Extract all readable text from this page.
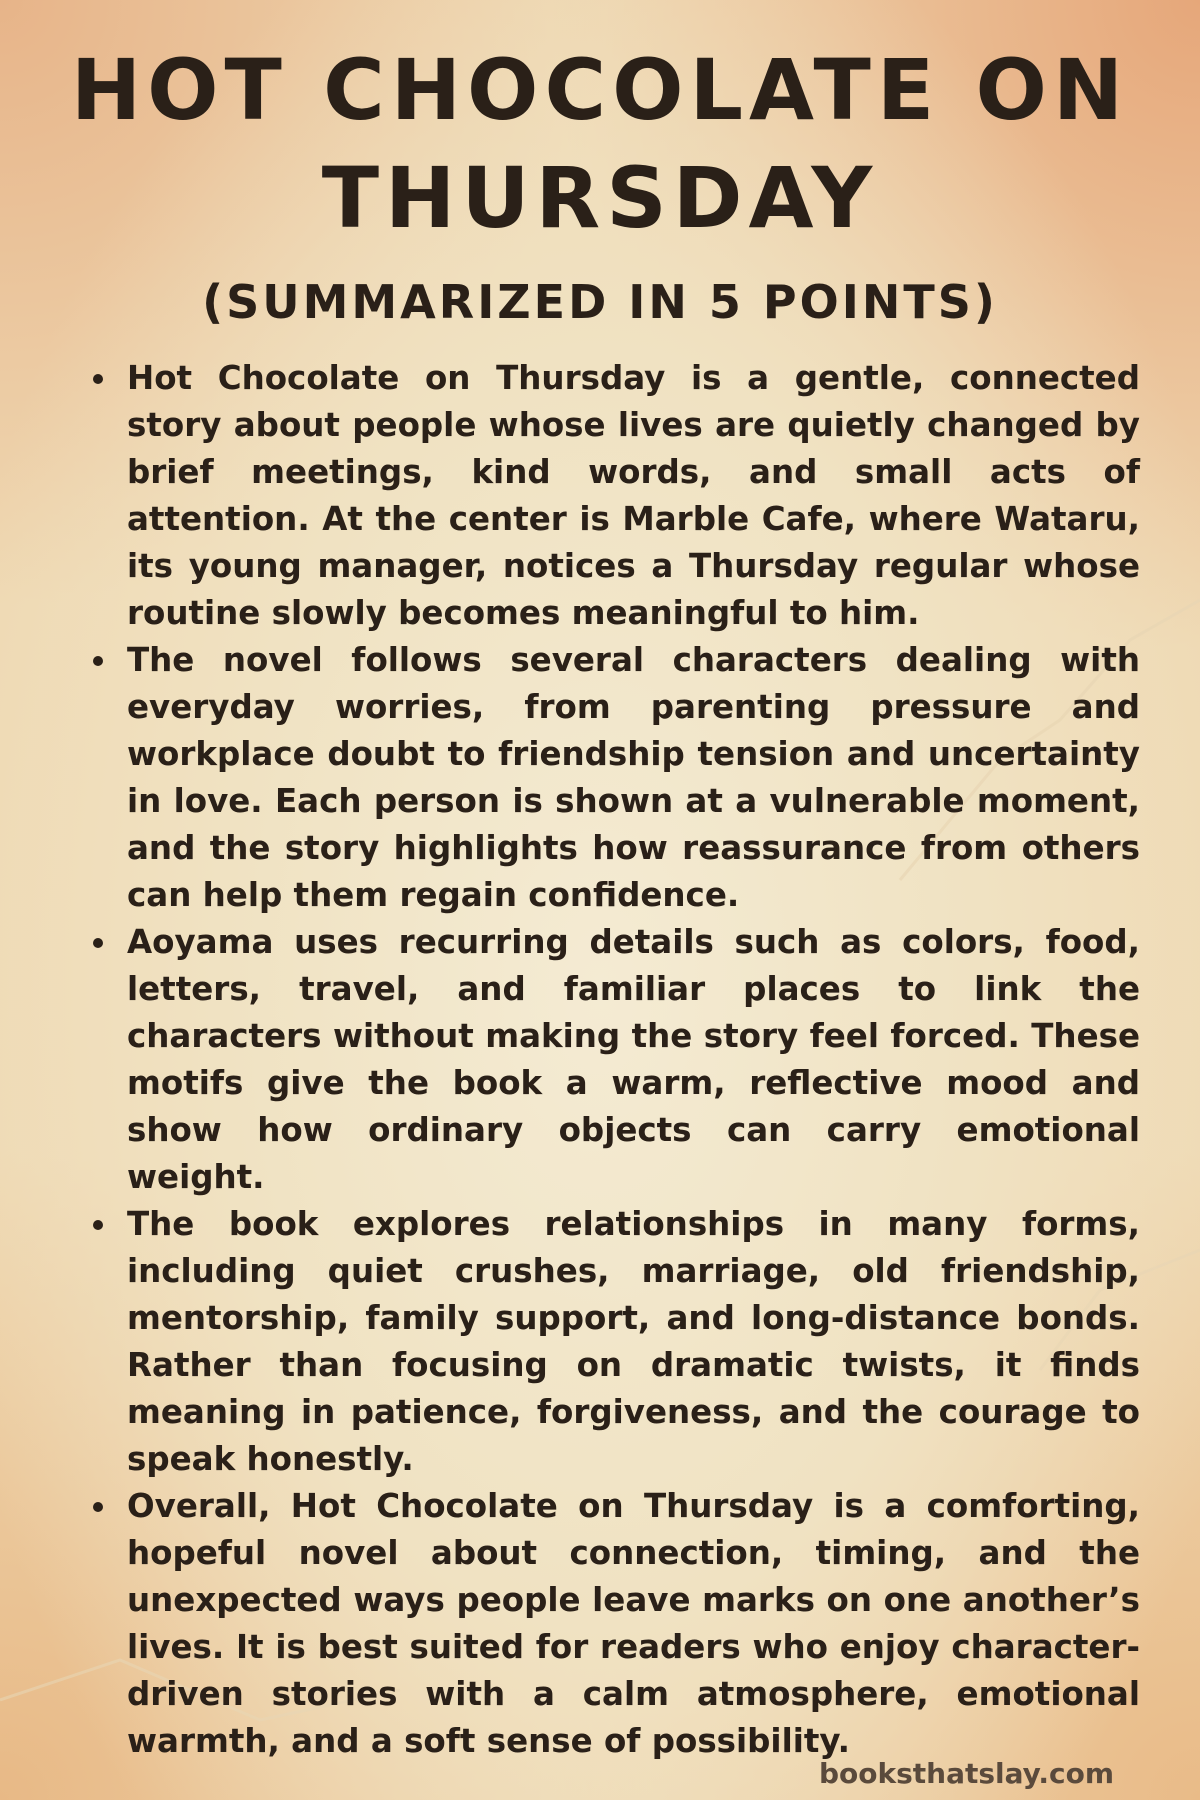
HOT CHOCOLATE ON THURSDAY
(SUMMARIZED IN 5 POINTS)
Hot Chocolate on Thursday is a gentle, connected story about people whose lives are quietly changed by brief meetings, kind words, and small acts of attention. At the center is Marble Cafe, where Wataru, its young manager, notices a Thursday regular whose routine slowly becomes meaningful to him.
The novel follows several characters dealing with everyday worries, from parenting pressure and workplace doubt to friendship tension and uncertainty in love. Each person is shown at a vulnerable moment, and the story highlights how reassurance from others can help them regain confidence.
Aoyama uses recurring details such as colors, food, letters, travel, and familiar places to link the characters without making the story feel forced. These motifs give the book a warm, reflective mood and show how ordinary objects can carry emotional weight.
The book explores relationships in many forms, including quiet crushes, marriage, old friendship, mentorship, family support, and long-distance bonds. Rather than focusing on dramatic twists, it finds meaning in patience, forgiveness, and the courage to speak honestly.
Overall, Hot Chocolate on Thursday is a comforting, hopeful novel about connection, timing, and the unexpected ways people leave marks on one another’s lives. It is best suited for readers who enjoy character-driven stories with a calm atmosphere, emotional warmth, and a soft sense of possibility.

booksthatslay.com
